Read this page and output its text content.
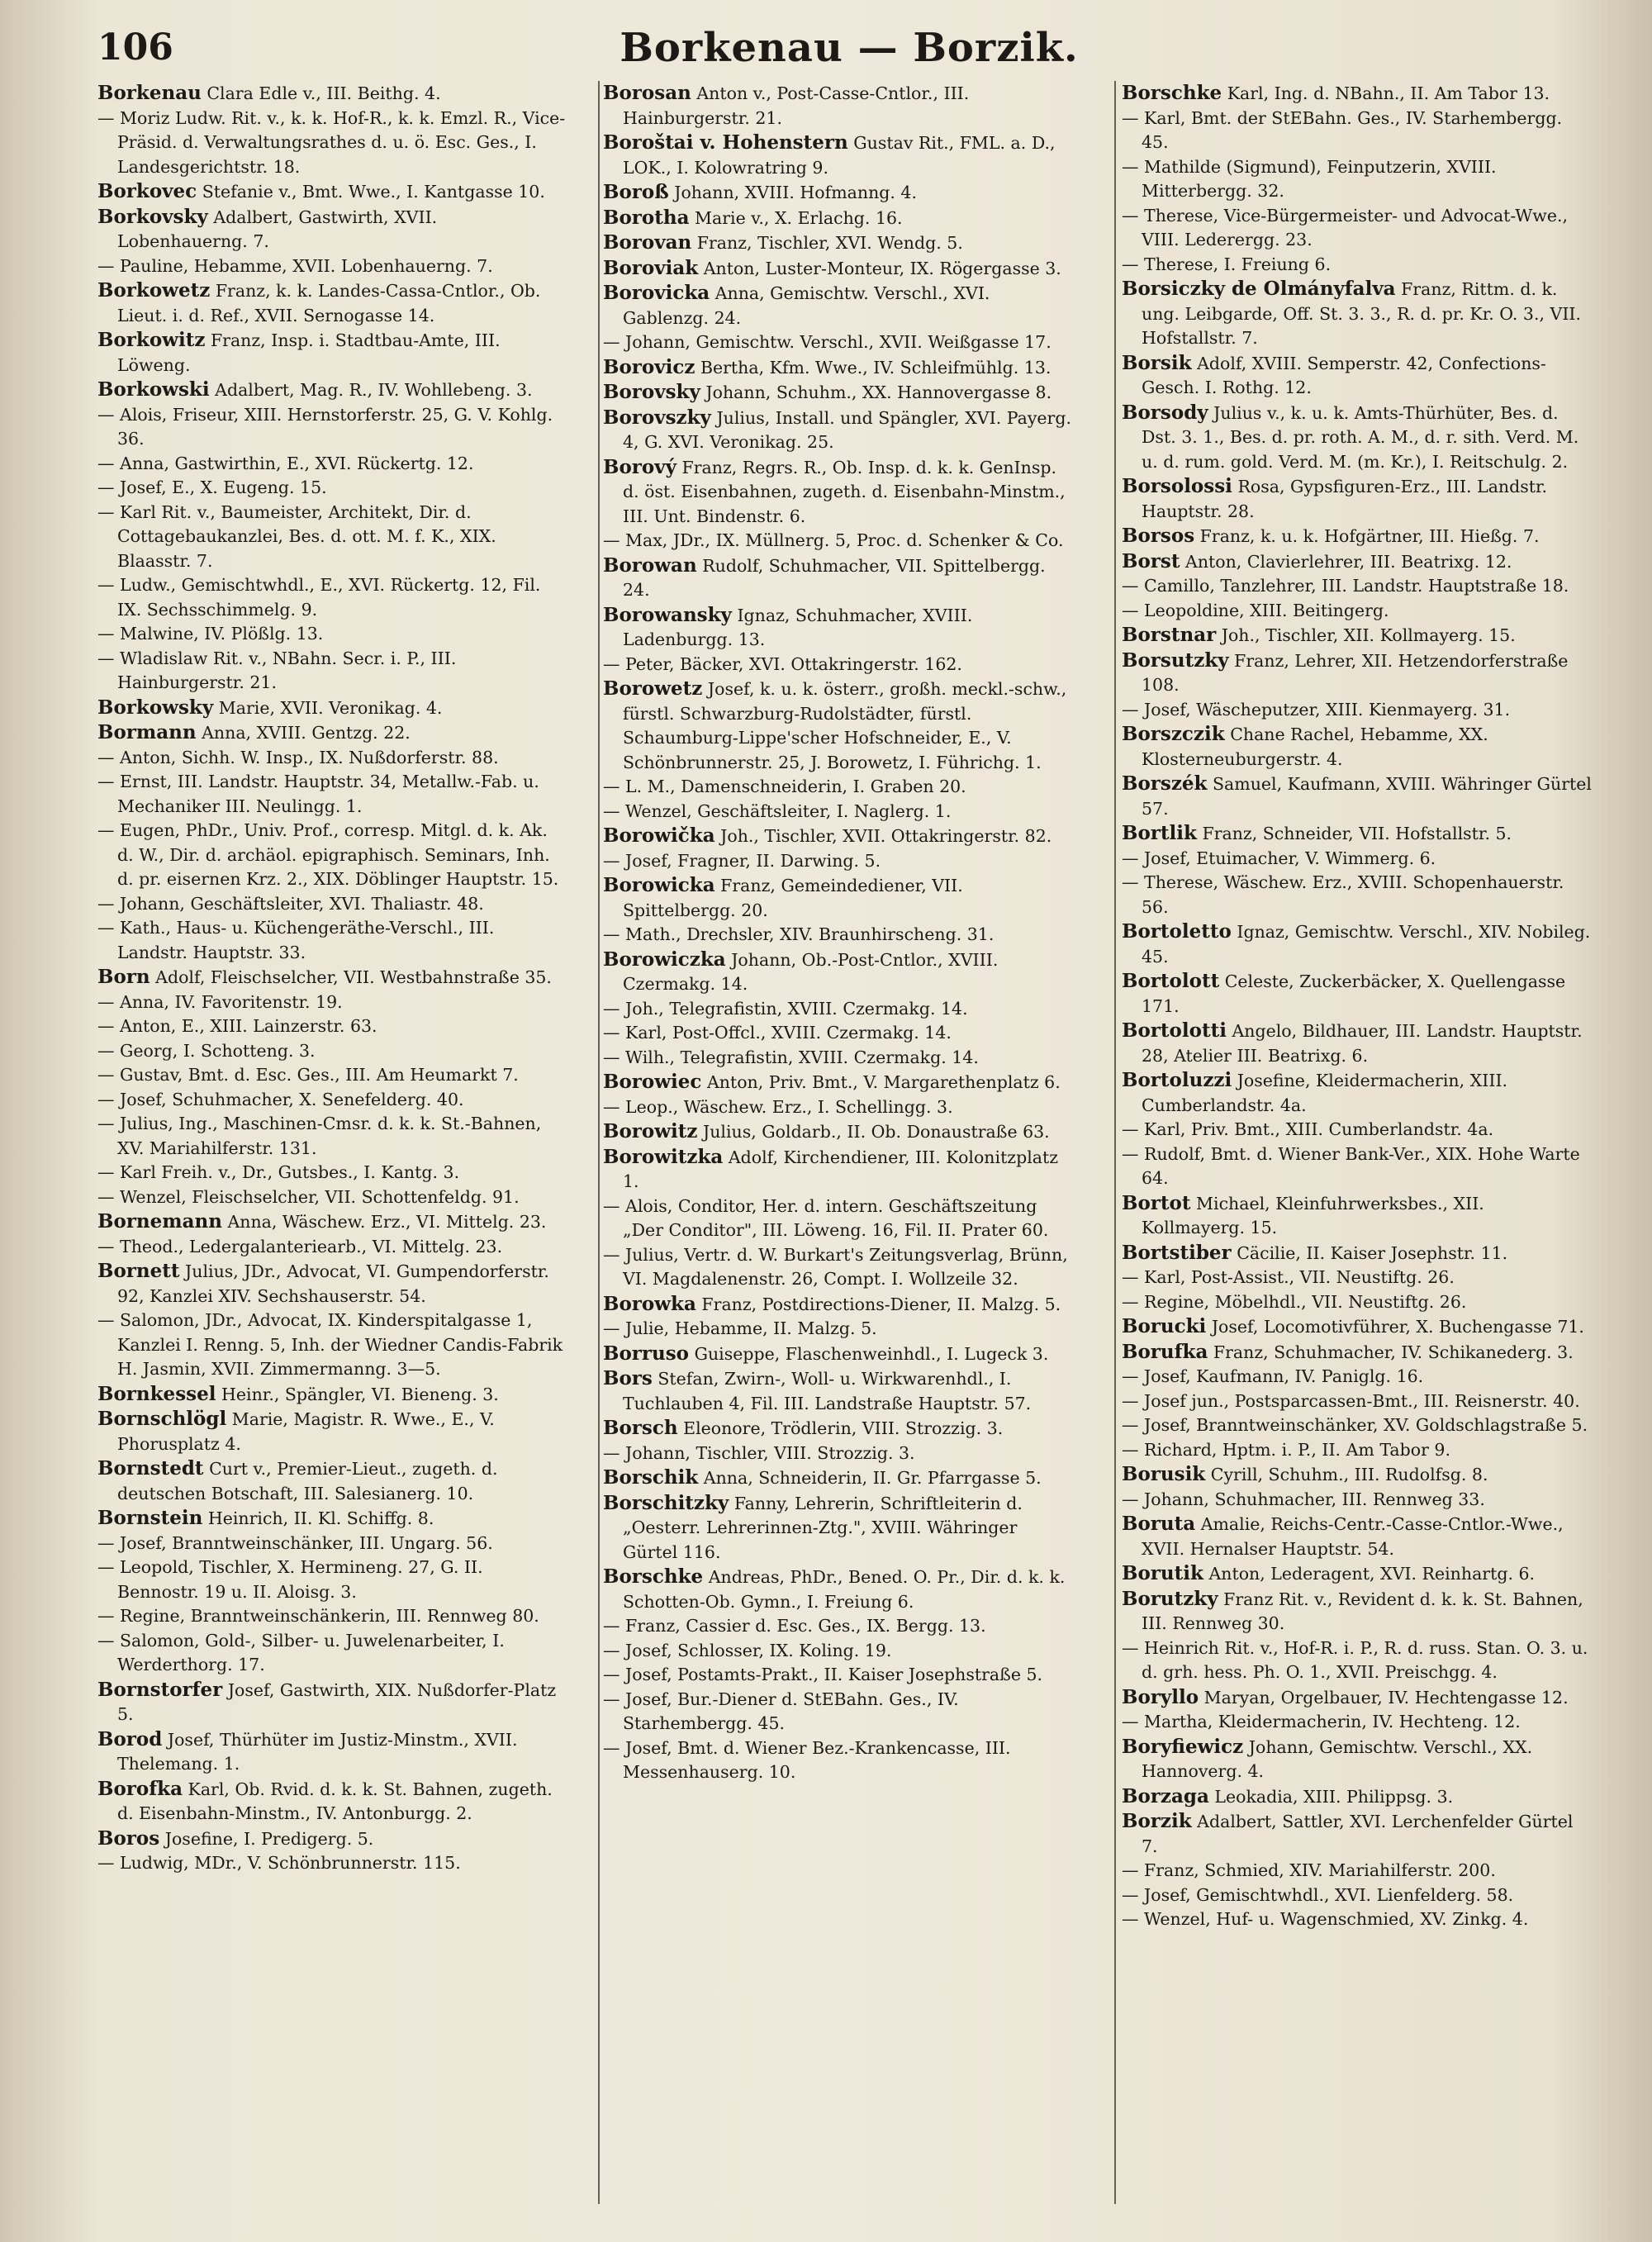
106	Borkenau — Borzik.

Borkenau Clara Edle v., III. Beithg. 4.

— Moriz Ludw. Rit. v., k. k. Hof-R., k. k. Emzl. R., Vice-Präsid. d. Verwaltungsrathes d. u. ö. Esc. Ges., I. Landesgerichtstr. 18.

Borkovec Stefanie v., Bmt. Wwe., I. Kantgasse 10.

Borkovsky Adalbert, Gastwirth, XVII. Lobenhauerng. 7.

— Pauline, Hebamme, XVII. Lobenhauerng. 7.

Borkowetz Franz, k. k. Landes-Cassa-Cntlor., Ob. Lieut. i. d. Ref., XVII. Sernogasse 14.

Borkowitz Franz, Insp. i. Stadtbau-Amte, III. Löweng.

Borkowski Adalbert, Mag. R., IV. Wohllebeng. 3.

— Alois, Friseur, XIII. Hernstorferstr. 25, G. V. Kohlg. 36.

— Anna, Gastwirthin, E., XVI. Rückertg. 12.

— Josef, E., X. Eugeng. 15.

— Karl Rit. v., Baumeister, Architekt, Dir. d. Cottagebaukanzlei, Bes. d. ott. M. f. K., XIX. Blaasstr. 7.

— Ludw., Gemischtwhdl., E., XVI. Rückertg. 12, Fil. IX. Sechsschimmelg. 9.

— Malwine, IV. Plößlg. 13.

— Wladislaw Rit. v., NBahn. Secr. i. P., III. Hainburgerstr. 21.

Borkowsky Marie, XVII. Veronikag. 4.

Bormann Anna, XVIII. Gentzg. 22.

— Anton, Sichh. W. Insp., IX. Nußdorferstr. 88.

— Ernst, III. Landstr. Hauptstr. 34, Metallw.-Fab. u. Mechaniker III. Neulingg. 1.

— Eugen, PhDr., Univ. Prof., corresp. Mitgl. d. k. Ak. d. W., Dir. d. archäol. epigraphisch. Seminars, Inh. d. pr. eisernen Krz. 2., XIX. Döblinger Hauptstr. 15.

— Johann, Geschäftsleiter, XVI. Thaliastr. 48.

— Kath., Haus- u. Küchengeräthe-Verschl., III. Landstr. Hauptstr. 33.

Born Adolf, Fleischselcher, VII. Westbahnstraße 35.

— Anna, IV. Favoritenstr. 19.

— Anton, E., XIII. Lainzerstr. 63.

— Georg, I. Schotteng. 3.

— Gustav, Bmt. d. Esc. Ges., III. Am Heumarkt 7.

— Josef, Schuhmacher, X. Senefelderg. 40.

— Julius, Ing., Maschinen-Cmsr. d. k. k. St.-Bahnen, XV. Mariahilferstr. 131.

— Karl Freih. v., Dr., Gutsbes., I. Kantg. 3.

— Wenzel, Fleischselcher, VII. Schottenfeldg. 91.

Bornemann Anna, Wäschew. Erz., VI. Mittelg. 23.

— Theod., Ledergalanteriearb., VI. Mittelg. 23.

Bornett Julius, JDr., Advocat, VI. Gumpendorferstr. 92, Kanzlei XIV. Sechshauserstr. 54.

— Salomon, JDr., Advocat, IX. Kinderspitalgasse 1, Kanzlei I. Renng. 5, Inh. der Wiedner Candis-Fabrik H. Jasmin, XVII. Zimmermanng. 3—5.

Bornkessel Heinr., Spängler, VI. Bieneng. 3.

Bornschlögl Marie, Magistr. R. Wwe., E., V. Phorusplatz 4.

Bornstedt Curt v., Premier-Lieut., zugeth. d. deutschen Botschaft, III. Salesianerg. 10.

Bornstein Heinrich, II. Kl. Schiffg. 8.

— Josef, Branntweinschänker, III. Ungarg. 56.

— Leopold, Tischler, X. Hermineng. 27, G. II. Bennostr. 19 u. II. Aloisg. 3.

— Regine, Branntweinschänkerin, III. Rennweg 80.

— Salomon, Gold-, Silber- u. Juwelenarbeiter, I. Werderthorg. 17.

Bornstorfer Josef, Gastwirth, XIX. Nußdorfer-Platz 5.

Borod Josef, Thürhüter im Justiz-Minstm., XVII. Thelemang. 1.

Borofka Karl, Ob. Rvid. d. k. k. St. Bahnen, zugeth. d. Eisenbahn-Minstm., IV. Antonburgg. 2.

Boros Josefine, I. Predigerg. 5.

— Ludwig, MDr., V. Schönbrunnerstr. 115.

Borosan Anton v., Post-Casse-Cntlor., III. Hainburgerstr. 21.

Boroštai v. Hohenstern Gustav Rit., FML. a. D., LOK., I. Kolowratring 9.

Boroß Johann, XVIII. Hofmanng. 4.

Borotha Marie v., X. Erlachg. 16.

Borovan Franz, Tischler, XVI. Wendg. 5.

Boroviak Anton, Luster-Monteur, IX. Rögergasse 3.

Borovicka Anna, Gemischtw. Verschl., XVI. Gablenzg. 24.

— Johann, Gemischtw. Verschl., XVII. Weißgasse 17.

Borovicz Bertha, Kfm. Wwe., IV. Schleifmühlg. 13.

Borovsky Johann, Schuhm., XX. Hannovergasse 8.

Borovszky Julius, Install. und Spängler, XVI. Payerg. 4, G. XVI. Veronikag. 25.

Borový Franz, Regrs. R., Ob. Insp. d. k. k. GenInsp. d. öst. Eisenbahnen, zugeth. d. Eisenbahn-Minstm., III. Unt. Bindenstr. 6.

— Max, JDr., IX. Müllnerg. 5, Proc. d. Schenker & Co.

Borowan Rudolf, Schuhmacher, VII. Spittelbergg. 24.

Borowansky Ignaz, Schuhmacher, XVIII. Ladenburgg. 13.

— Peter, Bäcker, XVI. Ottakringerstr. 162.

Borowetz Josef, k. u. k. österr., großh. meckl.-schw., fürstl. Schwarzburg-Rudolstädter, fürstl. Schaumburg-Lippe'scher Hofschneider, E., V. Schönbrunnerstr. 25, J. Borowetz, I. Führichg. 1.

— L. M., Damenschneiderin, I. Graben 20.

— Wenzel, Geschäftsleiter, I. Naglerg. 1.

Borowička Joh., Tischler, XVII. Ottakringerstr. 82.

— Josef, Fragner, II. Darwing. 5.

Borowicka Franz, Gemeindediener, VII. Spittelbergg. 20.

— Math., Drechsler, XIV. Braunhirscheng. 31.

Borowiczka Johann, Ob.-Post-Cntlor., XVIII. Czermakg. 14.

— Joh., Telegrafistin, XVIII. Czermakg. 14.

— Karl, Post-Offcl., XVIII. Czermakg. 14.

— Wilh., Telegrafistin, XVIII. Czermakg. 14.

Borowiec Anton, Priv. Bmt., V. Margarethenplatz 6.

— Leop., Wäschew. Erz., I. Schellingg. 3.

Borowitz Julius, Goldarb., II. Ob. Donaustraße 63.

Borowitzka Adolf, Kirchendiener, III. Kolonitzplatz 1.

— Alois, Conditor, Her. d. intern. Geschäftszeitung „Der Conditor", III. Löweng. 16, Fil. II. Prater 60.

— Julius, Vertr. d. W. Burkart's Zeitungsverlag, Brünn, VI. Magdalenenstr. 26, Compt. I. Wollzeile 32.

Borowka Franz, Postdirections-Diener, II. Malzg. 5.

— Julie, Hebamme, II. Malzg. 5.

Borruso Guiseppe, Flaschenweinhdl., I. Lugeck 3.

Bors Stefan, Zwirn-, Woll- u. Wirkwarenhdl., I. Tuchlauben 4, Fil. III. Landstraße Hauptstr. 57.

Borsch Eleonore, Trödlerin, VIII. Strozzig. 3.

— Johann, Tischler, VIII. Strozzig. 3.

Borschik Anna, Schneiderin, II. Gr. Pfarrgasse 5.

Borschitzky Fanny, Lehrerin, Schriftleiterin d. „Oesterr. Lehrerinnen-Ztg.", XVIII. Währinger Gürtel 116.

Borschke Andreas, PhDr., Bened. O. Pr., Dir. d. k. k. Schotten-Ob. Gymn., I. Freiung 6.

— Franz, Cassier d. Esc. Ges., IX. Bergg. 13.

— Josef, Schlosser, IX. Koling. 19.

— Josef, Postamts-Prakt., II. Kaiser Josephstraße 5.

— Josef, Bur.-Diener d. StEBahn. Ges., IV. Starhembergg. 45.

— Josef, Bmt. d. Wiener Bez.-Krankencasse, III. Messenhauserg. 10.

Borschke Karl, Ing. d. NBahn., II. Am Tabor 13.

— Karl, Bmt. der StEBahn. Ges., IV. Starhembergg. 45.

— Mathilde (Sigmund), Feinputzerin, XVIII. Mitterbergg. 32.

— Therese, Vice-Bürgermeister- und Advocat-Wwe., VIII. Lederergg. 23.

— Therese, I. Freiung 6.

Borsiczky de Olmányfalva Franz, Rittm. d. k. ung. Leibgarde, Off. St. 3. 3., R. d. pr. Kr. O. 3., VII. Hofstallstr. 7.

Borsik Adolf, XVIII. Semperstr. 42, Confections-Gesch. I. Rothg. 12.

Borsody Julius v., k. u. k. Amts-Thürhüter, Bes. d. Dst. 3. 1., Bes. d. pr. roth. A. M., d. r. sith. Verd. M. u. d. rum. gold. Verd. M. (m. Kr.), I. Reitschulg. 2.

Borsolossi Rosa, Gypsfiguren-Erz., III. Landstr. Hauptstr. 28.

Borsos Franz, k. u. k. Hofgärtner, III. Hießg. 7.

Borst Anton, Clavierlehrer, III. Beatrixg. 12.

— Camillo, Tanzlehrer, III. Landstr. Hauptstraße 18.

— Leopoldine, XIII. Beitingerg.

Borstnar Joh., Tischler, XII. Kollmayerg. 15.

Borsutzky Franz, Lehrer, XII. Hetzendorferstraße 108.

— Josef, Wäscheputzer, XIII. Kienmayerg. 31.

Borszczik Chane Rachel, Hebamme, XX. Klosterneuburgerstr. 4.

Borszék Samuel, Kaufmann, XVIII. Währinger Gürtel 57.

Bortlik Franz, Schneider, VII. Hofstallstr. 5.

— Josef, Etuimacher, V. Wimmerg. 6.

— Therese, Wäschew. Erz., XVIII. Schopenhauerstr. 56.

Bortoletto Ignaz, Gemischtw. Verschl., XIV. Nobileg. 45.

Bortolott Celeste, Zuckerbäcker, X. Quellengasse 171.

Bortolotti Angelo, Bildhauer, III. Landstr. Hauptstr. 28, Atelier III. Beatrixg. 6.

Bortoluzzi Josefine, Kleidermacherin, XIII. Cumberlandstr. 4a.

— Karl, Priv. Bmt., XIII. Cumberlandstr. 4a.

— Rudolf, Bmt. d. Wiener Bank-Ver., XIX. Hohe Warte 64.

Bortot Michael, Kleinfuhrwerksbes., XII. Kollmayerg. 15.

Bortstiber Cäcilie, II. Kaiser Josephstr. 11.

— Karl, Post-Assist., VII. Neustiftg. 26.

— Regine, Möbelhdl., VII. Neustiftg. 26.

Borucki Josef, Locomotivführer, X. Buchengasse 71.

Borufka Franz, Schuhmacher, IV. Schikanederg. 3.

— Josef, Kaufmann, IV. Paniglg. 16.

— Josef jun., Postsparcassen-Bmt., III. Reisnerstr. 40.

— Josef, Branntweinschänker, XV. Goldschlagstraße 5.

— Richard, Hptm. i. P., II. Am Tabor 9.

Borusik Cyrill, Schuhm., III. Rudolfsg. 8.

— Johann, Schuhmacher, III. Rennweg 33.

Boruta Amalie, Reichs-Centr.-Casse-Cntlor.-Wwe., XVII. Hernalser Hauptstr. 54.

Borutik Anton, Lederagent, XVI. Reinhartg. 6.

Borutzky Franz Rit. v., Revident d. k. k. St. Bahnen, III. Rennweg 30.

— Heinrich Rit. v., Hof-R. i. P., R. d. russ. Stan. O. 3. u. d. grh. hess. Ph. O. 1., XVII. Preischgg. 4.

Boryllo Maryan, Orgelbauer, IV. Hechtengasse 12.

— Martha, Kleidermacherin, IV. Hechteng. 12.

Boryfiewicz Johann, Gemischtw. Verschl., XX. Hannoverg. 4.

Borzaga Leokadia, XIII. Philippsg. 3.

Borzik Adalbert, Sattler, XVI. Lerchenfelder Gürtel 7.

— Franz, Schmied, XIV. Mariahilferstr. 200.

— Josef, Gemischtwhdl., XVI. Lienfelderg. 58.

— Wenzel, Huf- u. Wagenschmied, XV. Zinkg. 4.
